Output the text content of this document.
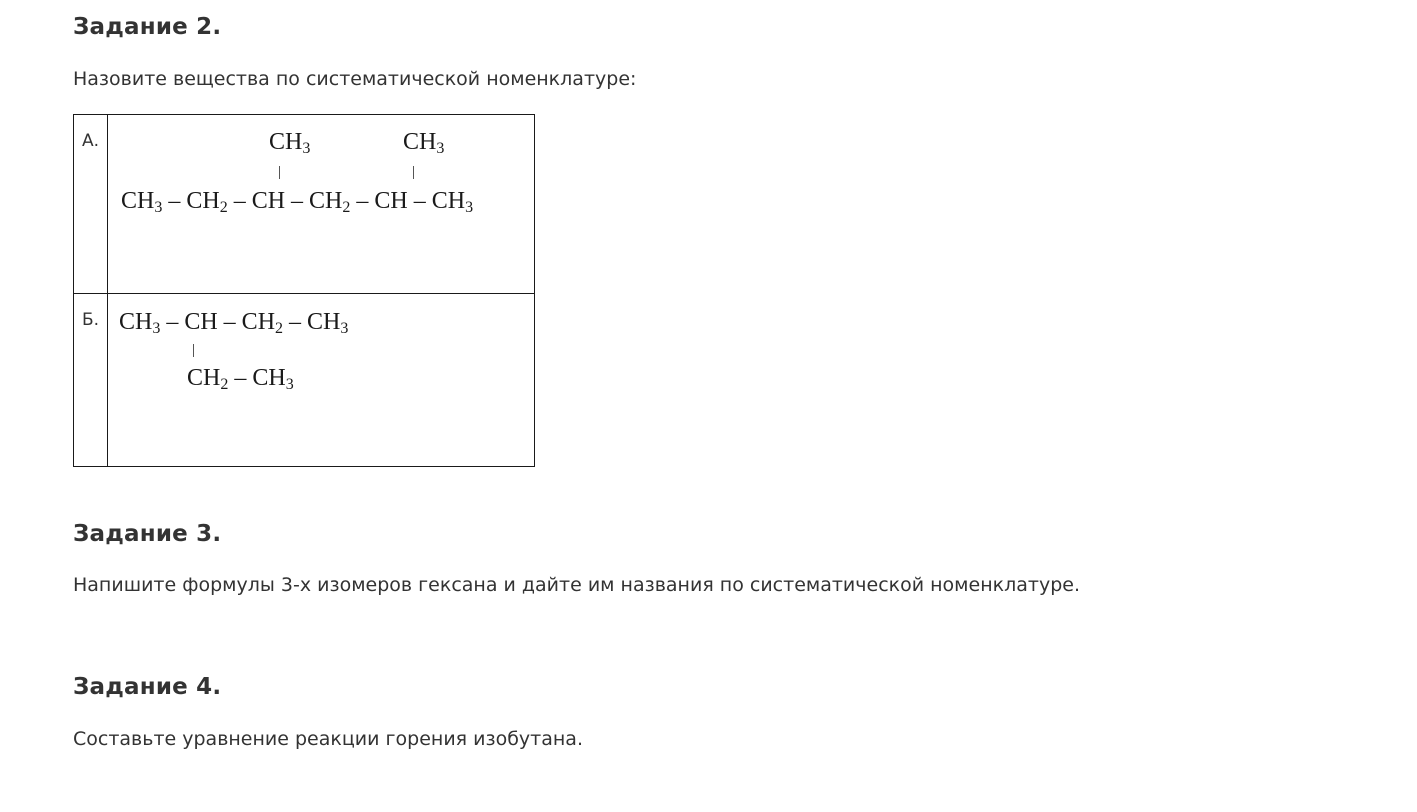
Задание 2.

Назовите вещества по систематической номенклатуре:

А.	$CH_3$	$CH_3$
$CH_3 - CH_2$ – CH – $CH_2$ – CH – $CH_3$
Б. $CH_3$ – CH – $CH_2 - CH_3$
$CH_2 - CH_3$
Задание 3.

Напишите формулы 3-х изомеров гексана и дайте им названия по систематической номенклатуре.

Задание 4.

Составьте уравнение реакции горения изобутана.
